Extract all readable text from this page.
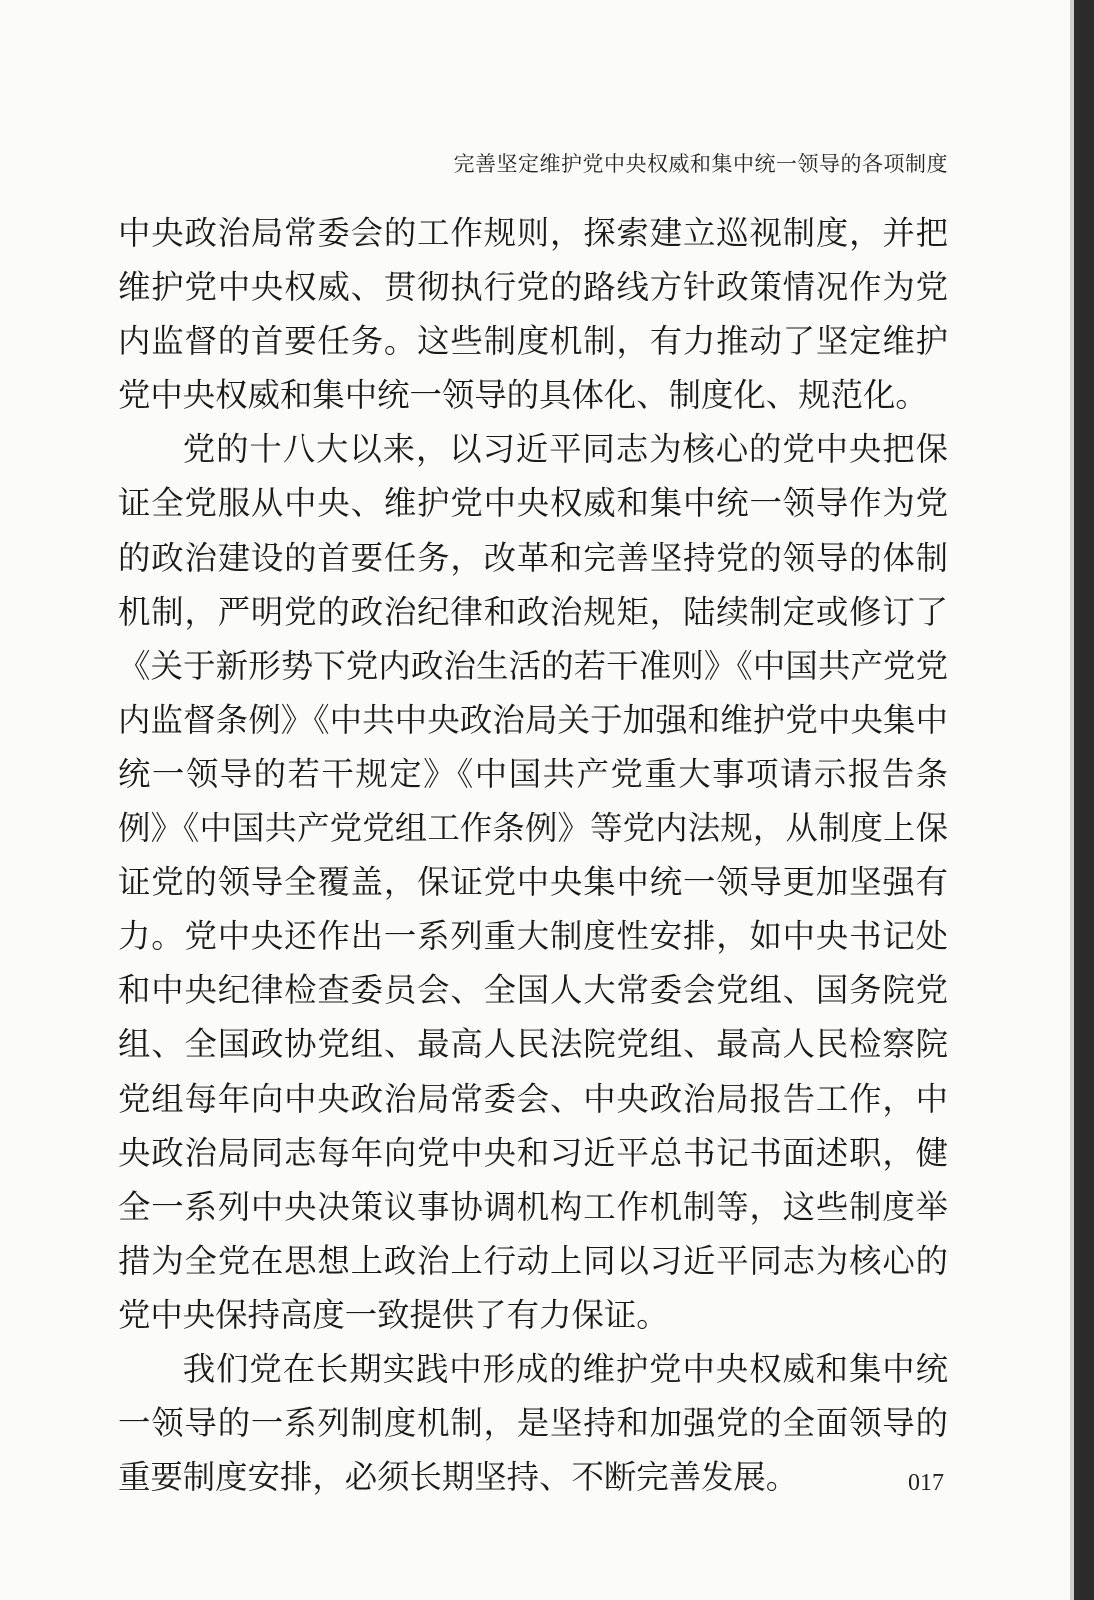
完善坚定维护党中央权威和集中统一领导的各项制度

中央政治局常委会的工作规则，探索建立巡视制度，并把维护党中央权威、贯彻执行党的路线方针政策情况作为党内监督的首要任务。这些制度机制，有力推动了坚定维护党中央权威和集中统一领导的具体化、制度化、规范化。

党的十八大以来，以习近平同志为核心的党中央把保证全党服从中央、维护党中央权威和集中统一领导作为党的政治建设的首要任务，改革和完善坚持党的领导的体制机制，严明党的政治纪律和政治规矩，陆续制定或修订了《关于新形势下党内政治生活的若干准则》《中国共产党党内监督条例》《中共中央政治局关于加强和维护党中央集中统一领导的若干规定》《中国共产党重大事项请示报告条例》《中国共产党党组工作条例》等党内法规，从制度上保证党的领导全覆盖，保证党中央集中统一领导更加坚强有力。党中央还作出一系列重大制度性安排，如中央书记处和中央纪律检查委员会、全国人大常委会党组、国务院党组、全国政协党组、最高人民法院党组、最高人民检察院党组每年向中央政治局常委会、中央政治局报告工作，中央政治局同志每年向党中央和习近平总书记书面述职，健全一系列中央决策议事协调机构工作机制等，这些制度举措为全党在思想上政治上行动上同以习近平同志为核心的党中央保持高度一致提供了有力保证。

我们党在长期实践中形成的维护党中央权威和集中统一领导的一系列制度机制，是坚持和加强党的全面领导的重要制度安排，必须长期坚持、不断完善发展。	017
